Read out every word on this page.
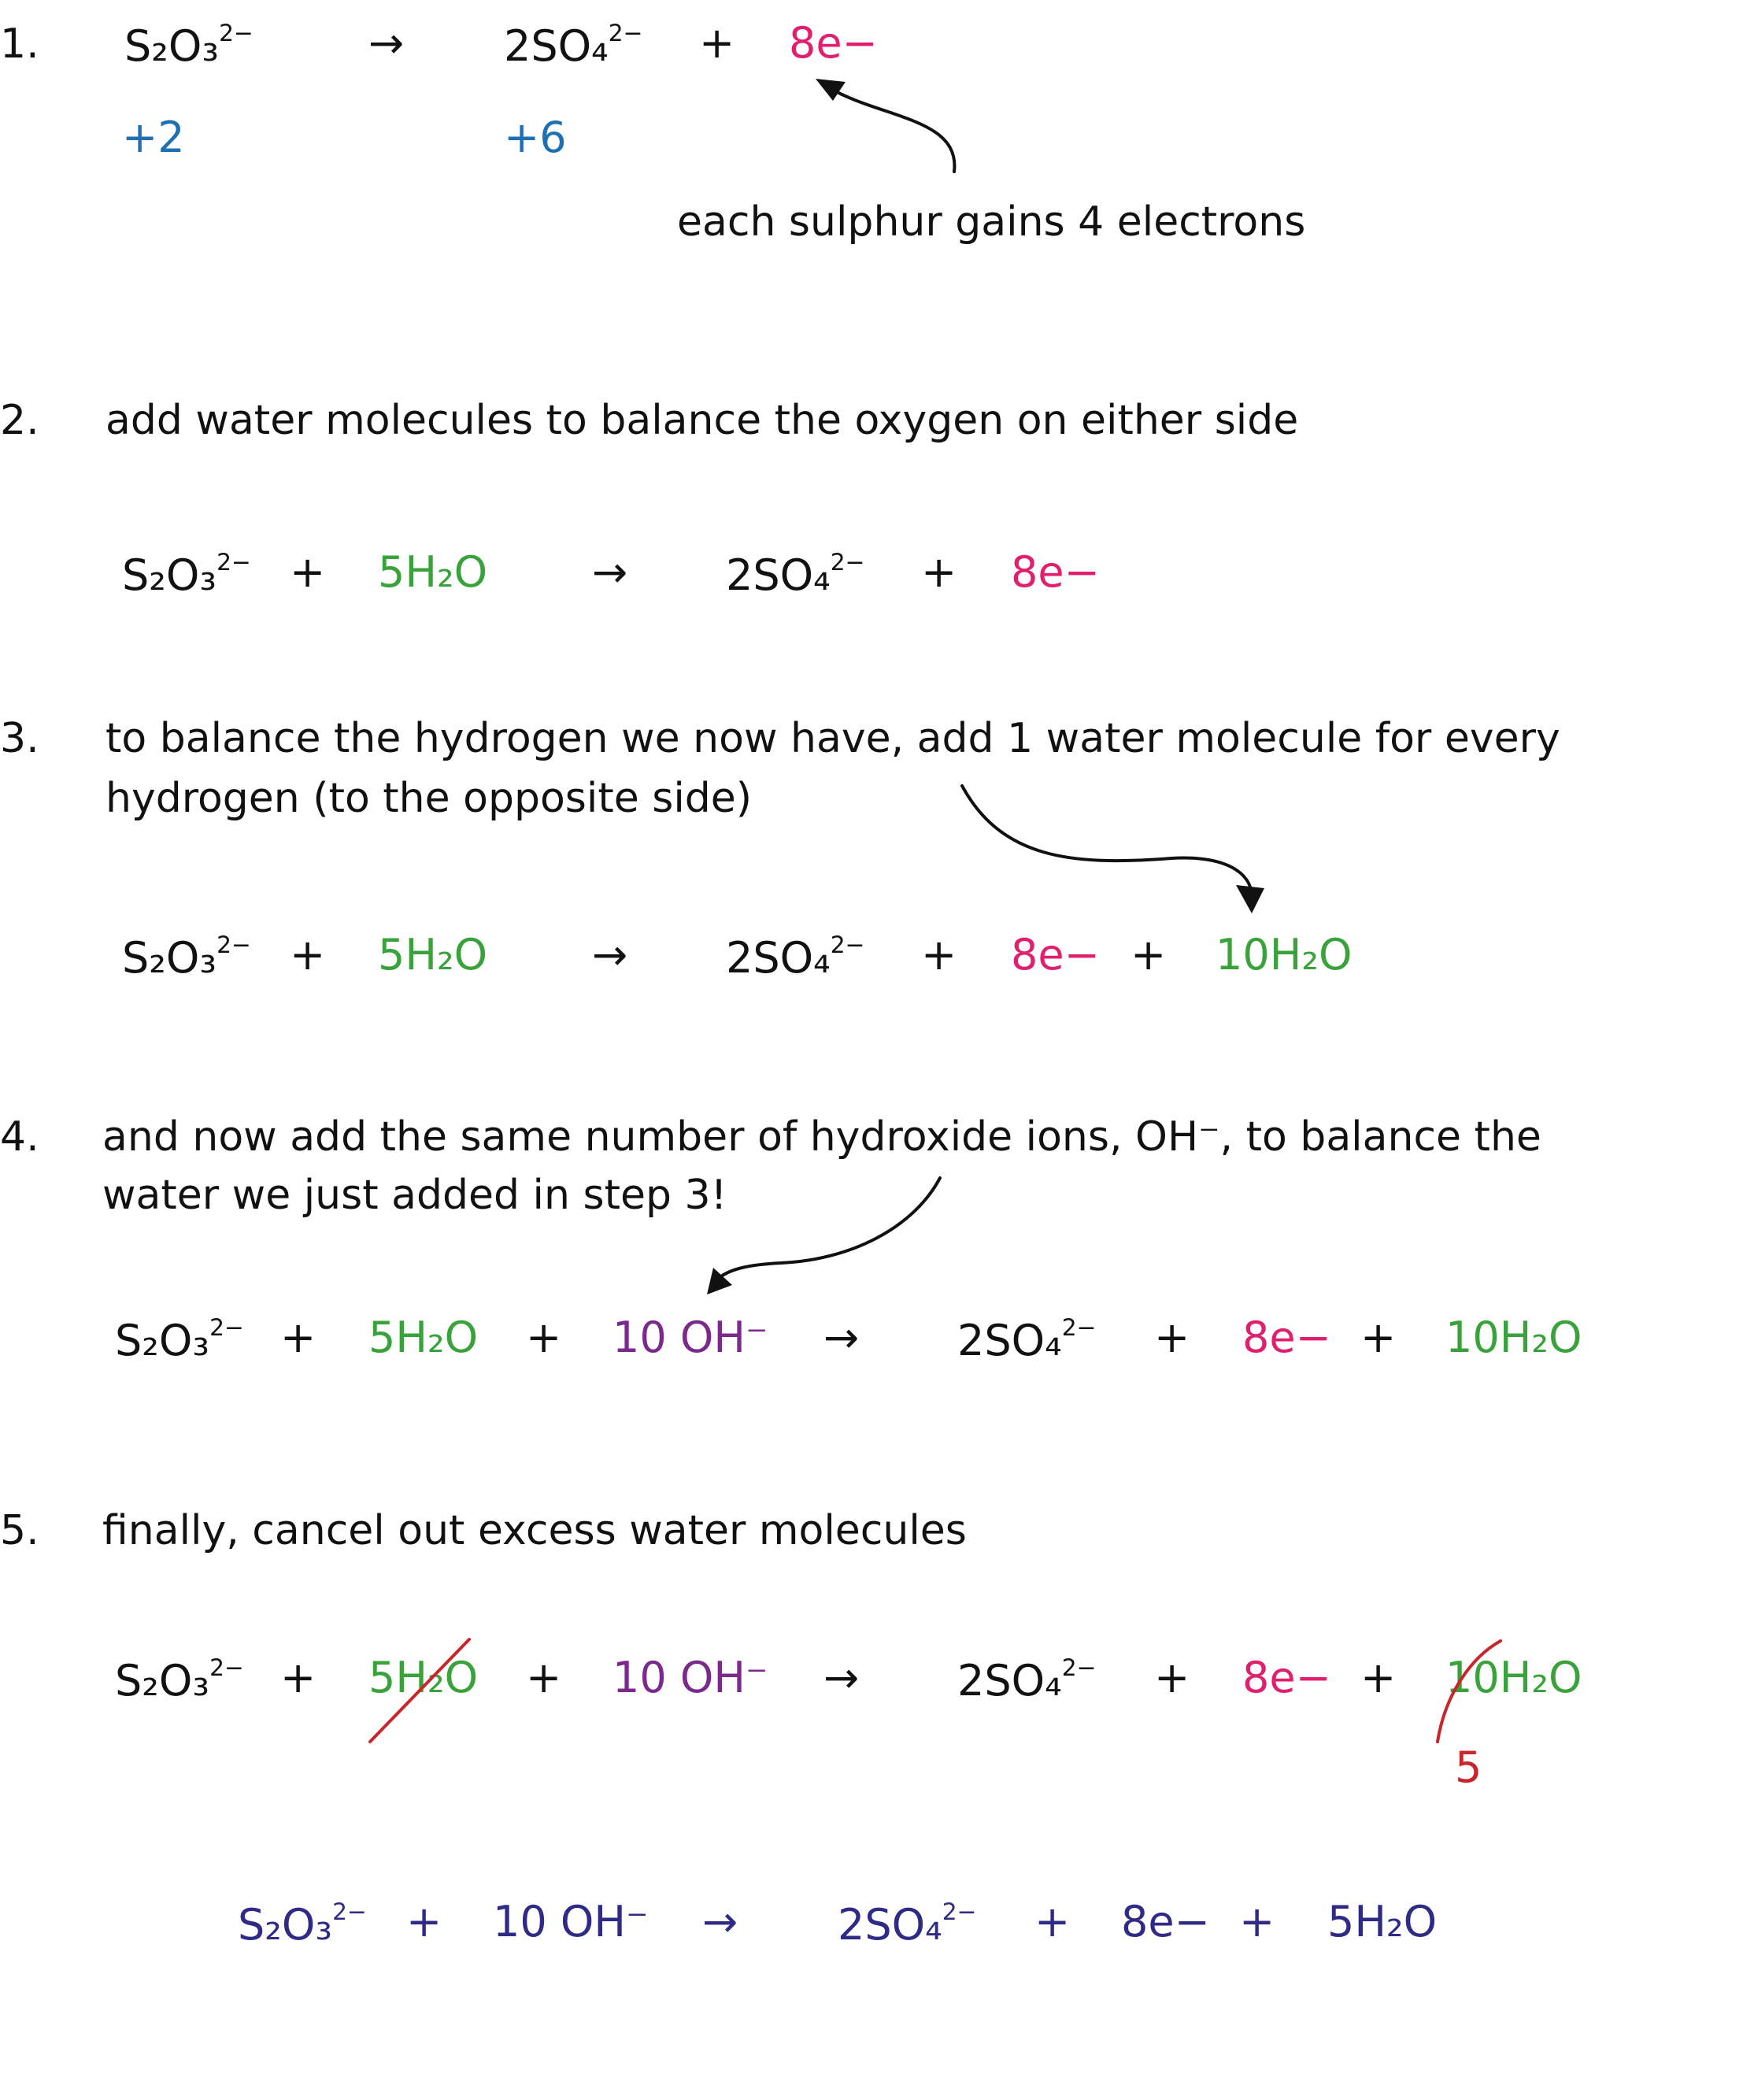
1. S₂O₃$^{2-}$	→ 2SO₄$^{2-}$ + 8e−
+2	+6
each sulphur gains 4 electrons
2. add water molecules to balance the oxygen on either side
S₂O₃$^{2-}$ + 5H₂O → 2SO₄$^{2-}$ + 8e−
3. to balance the hydrogen we now have, add 1 water molecule for every
hydrogen (to the opposite side)
S₂O₃$^{2-}$ + 5H₂O → 2SO₄$^{2-}$ + 8e− + 10H₂O
4. and now add the same number of hydroxide ions, OH⁻, to balance the
water we just added in step 3!
S₂O₃$^{2-}$ + 5H₂O + 10 OH⁻ → 2SO₄$^{2-}$ + 8e− + 10H₂O
5. finally, cancel out excess water molecules
S₂O₃$^{2-}$ + 5H₂O + 10 OH⁻ → 2SO₄$^{2-}$ + 8e− + 10H₂O
5
S₂O₃$^{2-}$ + 10 OH⁻ → 2SO₄$^{2-}$ + 8e− + 5H₂O
